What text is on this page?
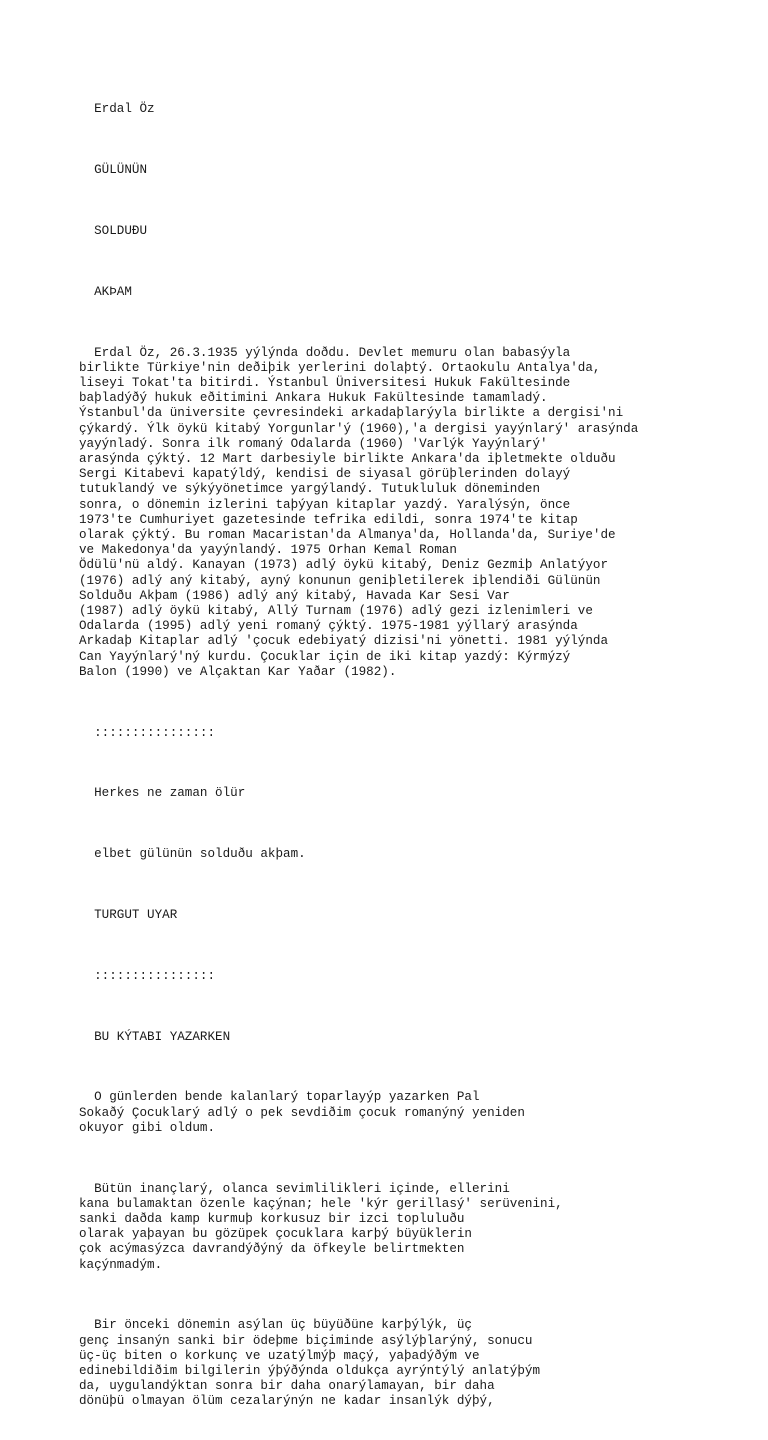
Erdal Öz

GÜLÜNÜN

SOLDUÐU

AKÞAM

Erdal Öz, 26.3.1935 yýlýnda doðdu. Devlet memuru olan babasýyla
birlikte Türkiye'nin deðiþik yerlerini dolaþtý. Ortaokulu Antalya'da,
liseyi Tokat'ta bitirdi. Ýstanbul Üniversitesi Hukuk Fakültesinde
baþladýðý hukuk eðitimini Ankara Hukuk Fakültesinde tamamladý.
Ýstanbul'da üniversite çevresindeki arkadaþlarýyla birlikte a dergisi'ni
çýkardý. Ýlk öykü kitabý Yorgunlar'ý (1960),'a dergisi yayýnlarý' arasýnda
yayýnladý. Sonra ilk romaný Odalarda (1960) 'Varlýk Yayýnlarý'
arasýnda çýktý. 12 Mart darbesiyle birlikte Ankara'da iþletmekte olduðu
Sergi Kitabevi kapatýldý, kendisi de siyasal görüþlerinden dolayý
tutuklandý ve sýkýyönetimce yargýlandý. Tutukluluk döneminden
sonra, o dönemin izlerini taþýyan kitaplar yazdý. Yaralýsýn, önce
1973'te Cumhuriyet gazetesinde tefrika edildi, sonra 1974'te kitap
olarak çýktý. Bu roman Macaristan'da Almanya'da, Hollanda'da, Suriye'de
ve Makedonya'da yayýnlandý. 1975 Orhan Kemal Roman
Ödülü'nü aldý. Kanayan (1973) adlý öykü kitabý, Deniz Gezmiþ Anlatýyor
(1976) adlý aný kitabý, ayný konunun geniþletilerek iþlendiði Gülünün
Solduðu Akþam (1986) adlý aný kitabý, Havada Kar Sesi Var
(1987) adlý öykü kitabý, Allý Turnam (1976) adlý gezi izlenimleri ve
Odalarda (1995) adlý yeni romaný çýktý. 1975-1981 yýllarý arasýnda
Arkadaþ Kitaplar adlý 'çocuk edebiyatý dizisi'ni yönetti. 1981 yýlýnda
Can Yayýnlarý'ný kurdu. Çocuklar için de iki kitap yazdý: Kýrmýzý
Balon (1990) ve Alçaktan Kar Yaðar (1982).

::::::::::::::::

Herkes ne zaman ölür

elbet gülünün solduðu akþam.

TURGUT UYAR

::::::::::::::::

BU KÝTABI YAZARKEN

O günlerden bende kalanlarý toparlayýp yazarken Pal
Sokaðý Çocuklarý adlý o pek sevdiðim çocuk romanýný yeniden
okuyor gibi oldum.

Bütün inançlarý, olanca sevimlilikleri içinde, ellerini
kana bulamaktan özenle kaçýnan; hele 'kýr gerillasý' serüvenini,
sanki daðda kamp kurmuþ korkusuz bir izci topluluðu
olarak yaþayan bu gözüpek çocuklara karþý büyüklerin
çok acýmasýzca davrandýðýný da öfkeyle belirtmekten
kaçýnmadým.

Bir önceki dönemin asýlan üç büyüðüne karþýlýk, üç
genç insanýn sanki bir ödeþme biçiminde asýlýþlarýný, sonucu
üç-üç biten o korkunç ve uzatýlmýþ maçý, yaþadýðým ve
edinebildiðim bilgilerin ýþýðýnda oldukça ayrýntýlý anlatýþým
da, uygulandýktan sonra bir daha onarýlamayan, bir daha
dönüþü olmayan ölüm cezalarýnýn ne kadar insanlýk dýþý,
